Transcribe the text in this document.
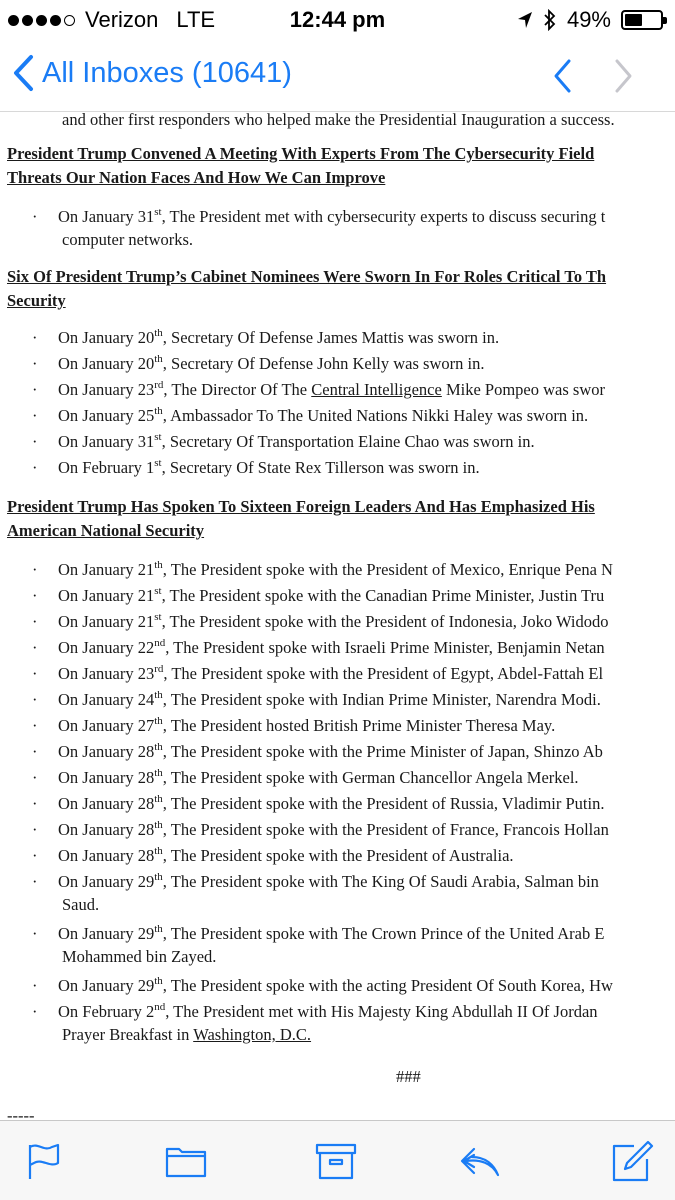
Verizon LTE	12:44 pm	49%
All Inboxes (10641)
and other first responders who helped make the Presidential Inauguration a success.
President Trump Convened A Meeting With Experts From The Cybersecurity Field
Threats Our Nation Faces And How We Can Improve
· On January 31st, The President met with cybersecurity experts to discuss securing t
computer networks.
Six Of President Trump’s Cabinet Nominees Were Sworn In For Roles Critical To Th
Security
· On January 20th, Secretary Of Defense James Mattis was sworn in.
· On January 20th, Secretary Of Defense John Kelly was sworn in.
· On January 23rd, The Director Of The Central Intelligence Mike Pompeo was swor
· On January 25th, Ambassador To The United Nations Nikki Haley was sworn in.
· On January 31st, Secretary Of Transportation Elaine Chao was sworn in.
· On February 1st, Secretary Of State Rex Tillerson was sworn in.
President Trump Has Spoken To Sixteen Foreign Leaders And Has Emphasized His
American National Security
· On January 21th, The President spoke with the President of Mexico, Enrique Pena N
· On January 21st, The President spoke with the Canadian Prime Minister, Justin Tru
· On January 21st, The President spoke with the President of Indonesia, Joko Widodo
· On January 22nd, The President spoke with Israeli Prime Minister, Benjamin Netan
· On January 23rd, The President spoke with the President of Egypt, Abdel-Fattah El
· On January 24th, The President spoke with Indian Prime Minister, Narendra Modi.
· On January 27th, The President hosted British Prime Minister Theresa May.
· On January 28th, The President spoke with the Prime Minister of Japan, Shinzo Ab
· On January 28th, The President spoke with German Chancellor Angela Merkel.
· On January 28th, The President spoke with the President of Russia, Vladimir Putin.
· On January 28th, The President spoke with the President of France, Francois Hollan
· On January 28th, The President spoke with the President of Australia.
· On January 29th, The President spoke with The King Of Saudi Arabia, Salman bin
Saud.
· On January 29th, The President spoke with The Crown Prince of the United Arab E
Mohammed bin Zayed.
· On January 29th, The President spoke with the acting President Of South Korea, Hw
· On February 2nd, The President met with His Majesty King Abdullah II Of Jordan
Prayer Breakfast in Washington, D.C.
###
-----
